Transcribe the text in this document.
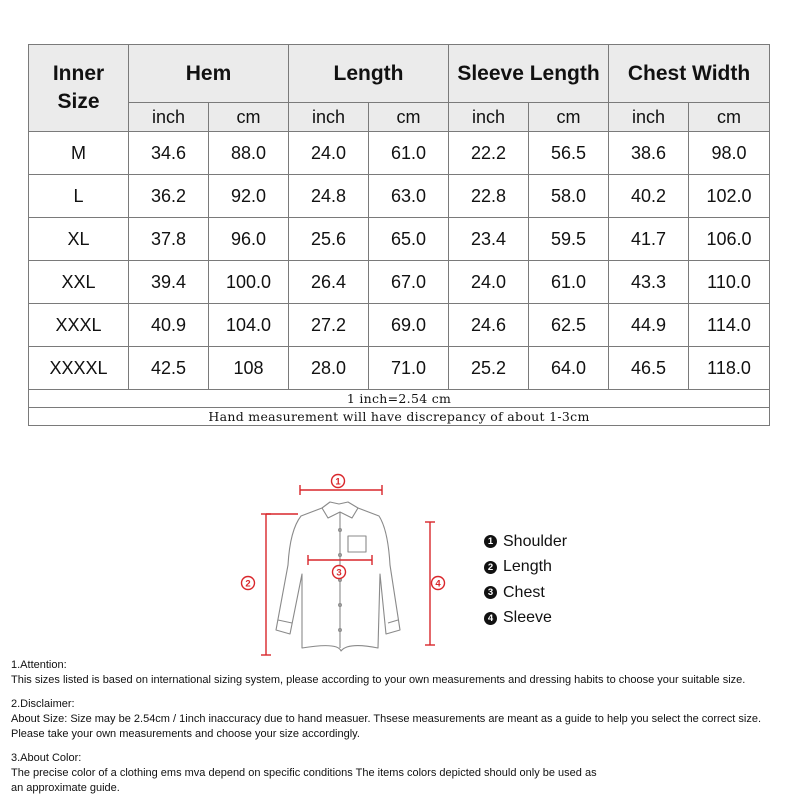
Inner
Size	Hem		Length		Sleeve Length		Chest Width	
	inch	cm	inch	cm	inch	cm	inch	cm
M	34.6	88.0	24.0	61.0	22.2	56.5	38.6	98.0
L	36.2	92.0	24.8	63.0	22.8	58.0	40.2	102.0
XL	37.8	96.0	25.6	65.0	23.4	59.5	41.7	106.0
XXL	39.4	100.0	26.4	67.0	24.0	61.0	43.3	110.0
XXXL	40.9	104.0	27.2	69.0	24.6	62.5	44.9	114.0
XXXXL	42.5	108	28.0	71.0	25.2	64.0	46.5	118.0
1 inch=2.54 cm								
Hand measurement will have discrepancy of about 1-3cm								
1
2
3
4
1 Shoulder
2 Length
3 Chest
4 Sleeve

1.Attention:

This sizes listed is based on international sizing system, please according to your own measurements and dressing habits to choose your suitable size.

2.Disclaimer:

About Size: Size may be 2.54cm / 1inch inaccuracy due to hand measuer. Thsese measurements are meant as a guide to help you select the correct size.

Please take your own measurements and choose your size accordingly.

3.About Color:

The precise color of a clothing ems mva depend on specific conditions The items colors depicted should only be used as

an approximate guide.
